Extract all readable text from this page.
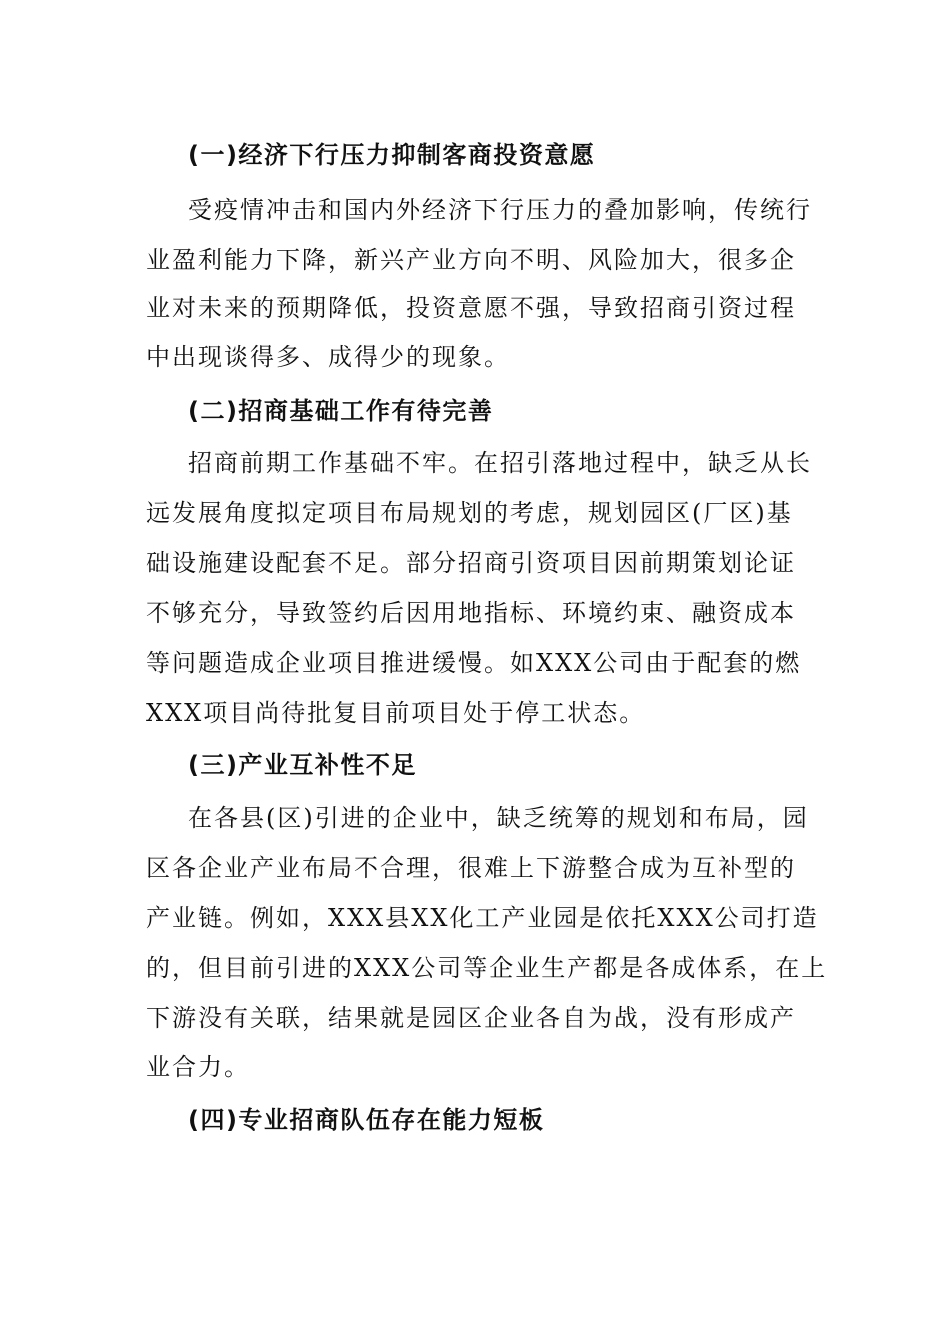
(一)经济下行压力抑制客商投资意愿
受疫情冲击和国内外经济下行压力的叠加影响，传统行
业盈利能力下降，新兴产业方向不明、风险加大，很多企
业对未来的预期降低，投资意愿不强，导致招商引资过程
中出现谈得多、成得少的现象。
(二)招商基础工作有待完善
招商前期工作基础不牢。在招引落地过程中，缺乏从长
远发展角度拟定项目布局规划的考虑，规划园区(厂区)基
础设施建设配套不足。部分招商引资项目因前期策划论证
不够充分，导致签约后因用地指标、环境约束、融资成本
等问题造成企业项目推进缓慢。如XXX公司由于配套的燃
XXX项目尚待批复目前项目处于停工状态。
(三)产业互补性不足
在各县(区)引进的企业中，缺乏统筹的规划和布局，园
区各企业产业布局不合理，很难上下游整合成为互补型的
产业链。例如，XXX县XX化工产业园是依托XXX公司打造
的，但目前引进的XXX公司等企业生产都是各成体系，在上
下游没有关联，结果就是园区企业各自为战，没有形成产
业合力。
(四)专业招商队伍存在能力短板
